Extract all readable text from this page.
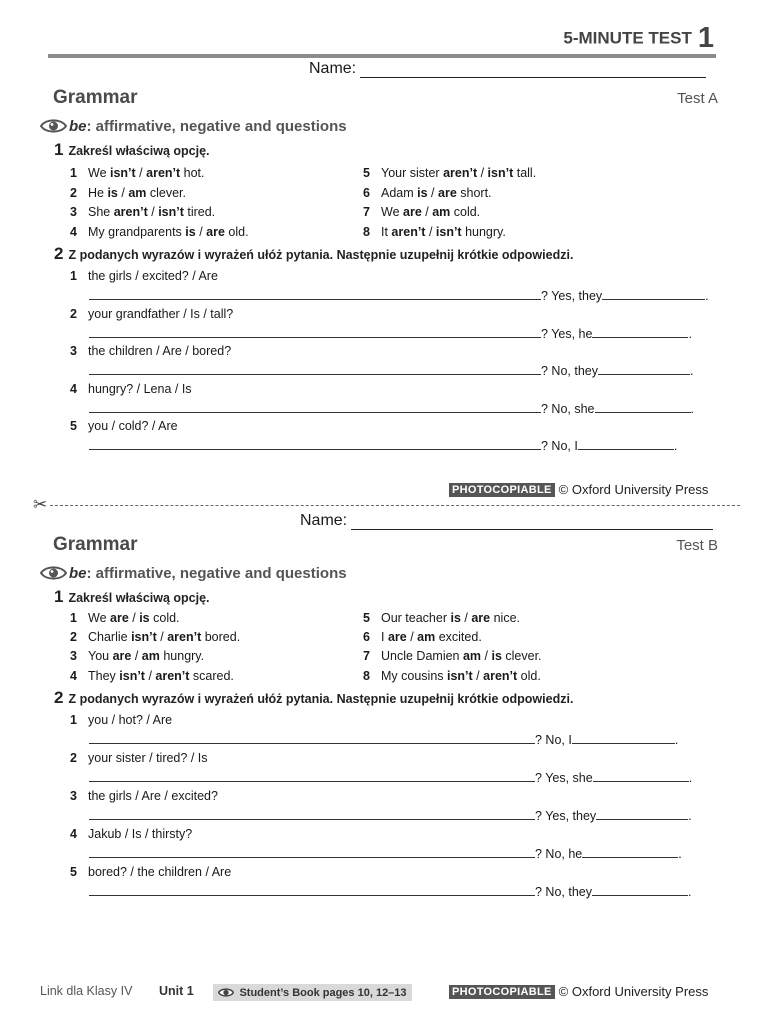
5-MINUTE TEST 1
Name:
Grammar	Test A
be : affirmative, negative and questions
1 Zakreśl właściwą opcję.
1 We isn’t / aren’t hot.
2 He is / am clever.
3 She aren’t / isn’t tired.
4 My grandparents is / are old.
5 Your sister aren’t / isn’t tall.
6 Adam is / are short.
7 We are / am cold.
8 It aren’t / isn’t hungry.
2 Z podanych wyrazów i wyrażeń ułóż pytania. Następnie uzupełnij krótkie odpowiedzi.
1 the girls / excited? / Are
? Yes, they	.
2 your grandfather / Is / tall?
? Yes, he	.
3 the children / Are / bored?
? No, they	.
4 hungry? / Lena / Is
? No, she	.
5 you / cold? / Are
? No, I	.
PHOTOCOPIABLE © Oxford University Press
✂
Name:
Grammar	Test B
be : affirmative, negative and questions
1 Zakreśl właściwą opcję.
1 We are / is cold.
2 Charlie isn’t / aren’t bored.
3 You are / am hungry.
4 They isn’t / aren’t scared.
5 Our teacher is / are nice.
6 I are / am excited.
7 Uncle Damien am / is clever.
8 My cousins isn’t / aren’t old.
2 Z podanych wyrazów i wyrażeń ułóż pytania. Następnie uzupełnij krótkie odpowiedzi.
1 you / hot? / Are
? No, I	.
2 your sister / tired? / Is
? Yes, she	.
3 the girls / Are / excited?
? Yes, they	.
4 Jakub / Is / thirsty?
? No, he	.
5 bored? / the children / Are
? No, they	.
Link dla Klasy IV Unit 1	Student’s Book pages 10, 12–13	PHOTOCOPIABLE © Oxford University Press
